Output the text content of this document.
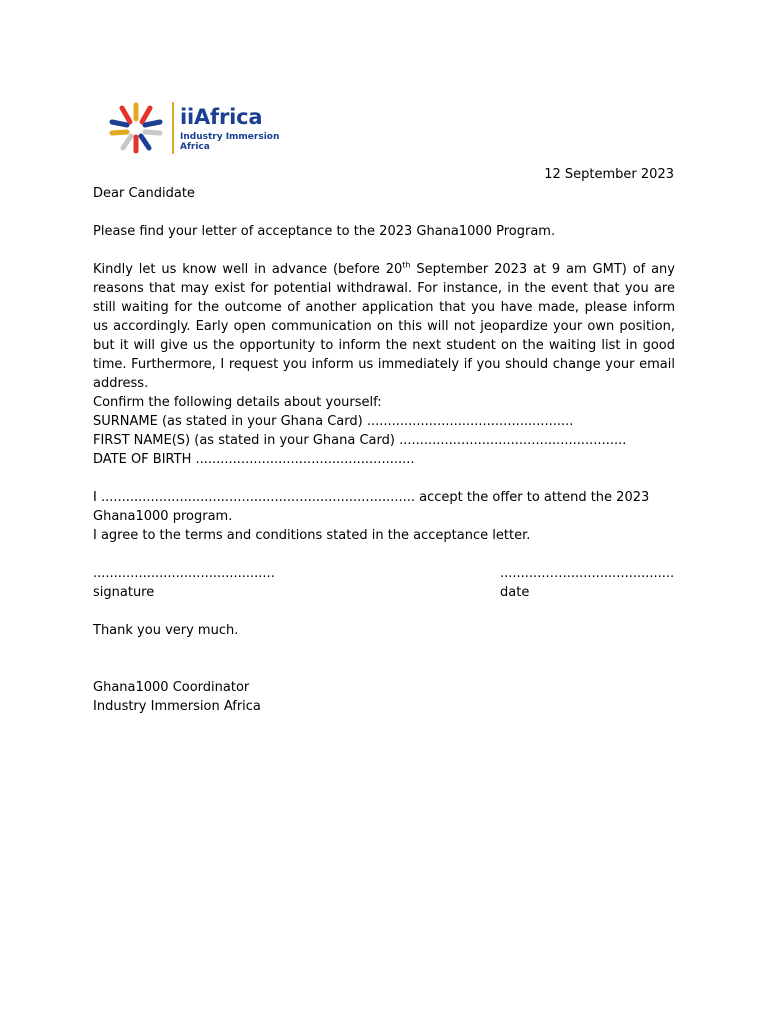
iiAfrica
Industry Immersion
Africa
12 September 2023
Dear Candidate
Please find your letter of acceptance to the 2023 Ghana1000 Program.
Kindly let us know well in advance (before 20th September 2023 at 9 am GMT) of any reasons that may exist for potential withdrawal. For instance, in the event that you are still waiting for the outcome of another application that you have made, please inform us accordingly. Early open communication on this will not jeopardize your own position, but it will give us the opportunity to inform the next student on the waiting list in good time. Furthermore, I request you inform us immediately if you should change your email address.
Confirm the following details about yourself:
SURNAME (as stated in your Ghana Card) ..................................................
FIRST NAME(S) (as stated in your Ghana Card) .......................................................
DATE OF BIRTH .....................................................
I ............................................................................ accept the offer to attend the 2023
Ghana1000 program.
I agree to the terms and conditions stated in the acceptance letter.
............................................	............…...........................
signature	date
Thank you very much.
Ghana1000 Coordinator
Industry Immersion Africa
